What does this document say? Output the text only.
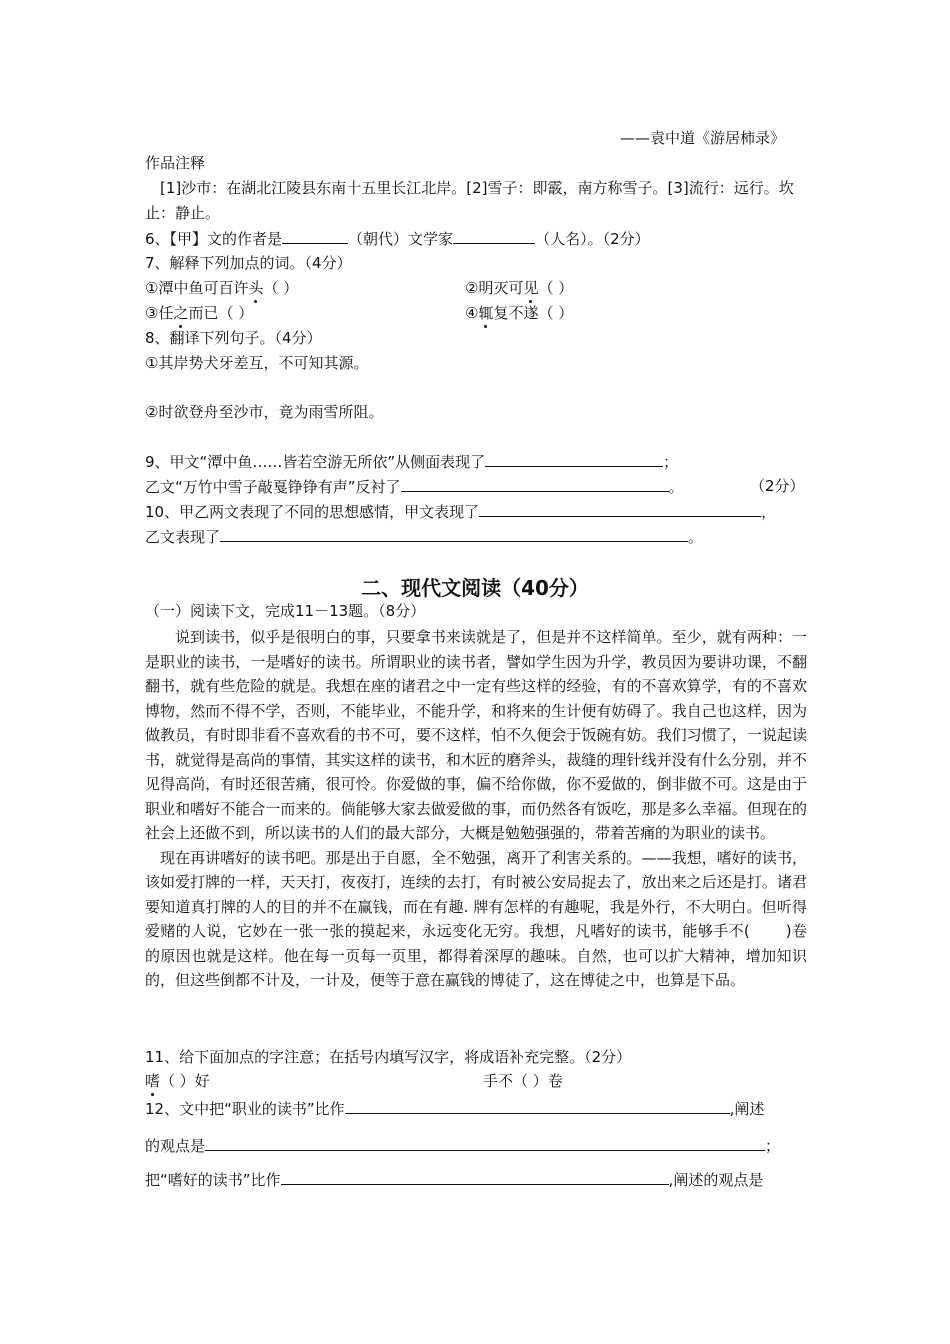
——袁中道《游居柿录》
作品注释
[1]沙市：在湖北江陵县东南十五里长江北岸。[2]雪子：即霰，南方称雪子。[3]流行：远行。坎
止：静止。
6、【甲】文的作者是	（朝代）文学家	（人名）。（2分）
7、解释下列加点的词。（4分）
①潭中鱼可百许头（ ）	②明灭可见（ ）
③任之而已（ ）	④辄复不遂（ ）
8、翻译下列句子。（4分）
①其岸势犬牙差互，不可知其源。
②时欲登舟至沙市，竟为雨雪所阻。
9、甲文“潭中鱼……皆若空游无所依”从侧面表现了	；
乙文“万竹中雪子敲戛铮铮有声”反衬了	。	（2分）
10、甲乙两文表现了不同的思想感情，甲文表现了	，
乙文表现了	。
二、现代文阅读（40分）
（一）阅读下文，完成11－13题。（8分）

说到读书，似乎是很明白的事，只要拿书来读就是了，但是并不这样简单。至少，就有两种：一是职业的读书，一是嗜好的读书。所谓职业的读书者，譬如学生因为升学，教员因为要讲功课，不翻翻书，就有些危险的就是。我想在座的诸君之中一定有些这样的经验，有的不喜欢算学，有的不喜欢博物，然而不得不学，否则，不能毕业，不能升学，和将来的生计便有妨碍了。我自己也这样，因为做教员，有时即非看不喜欢看的书不可，要不这样，怕不久便会于饭碗有妨。我们习惯了，一说起读书，就觉得是高尚的事情，其实这样的读书，和木匠的磨斧头，裁缝的理针线并没有什么分别，并不见得高尚，有时还很苦痛，很可怜。你爱做的事，偏不给你做，你不爱做的，倒非做不可。这是由于职业和嗜好不能合一而来的。倘能够大家去做爱做的事，而仍然各有饭吃，那是多么幸福。但现在的社会上还做不到，所以读书的人们的最大部分，大概是勉勉强强的，带着苦痛的为职业的读书。

现在再讲嗜好的读书吧。那是出于自愿，全不勉强，离开了利害关系的。——我想，嗜好的读书，该如爱打牌的一样，天天打，夜夜打，连续的去打，有时被公安局捉去了，放出来之后还是打。诸君要知道真打牌的人的目的并不在赢钱，而在有趣. 牌有怎样的有趣呢，我是外行，不大明白。但听得爱赌的人说，它妙在一张一张的摸起来，永远变化无穷。我想，凡嗜好的读书，能够手不( )卷的原因也就是这样。他在每一页每一页里，都得着深厚的趣味。自然，也可以扩大精神，增加知识的，但这些倒都不计及，一计及，便等于意在赢钱的博徒了，这在博徒之中，也算是下品。

11、给下面加点的字注意；在括号内填写汉字，将成语补充完整。（2分）
嗜（ ）好	手不（ ）卷
12、文中把“职业的读书”比作	,阐述
的观点是	；
把“嗜好的读书”比作	,阐述的观点是
